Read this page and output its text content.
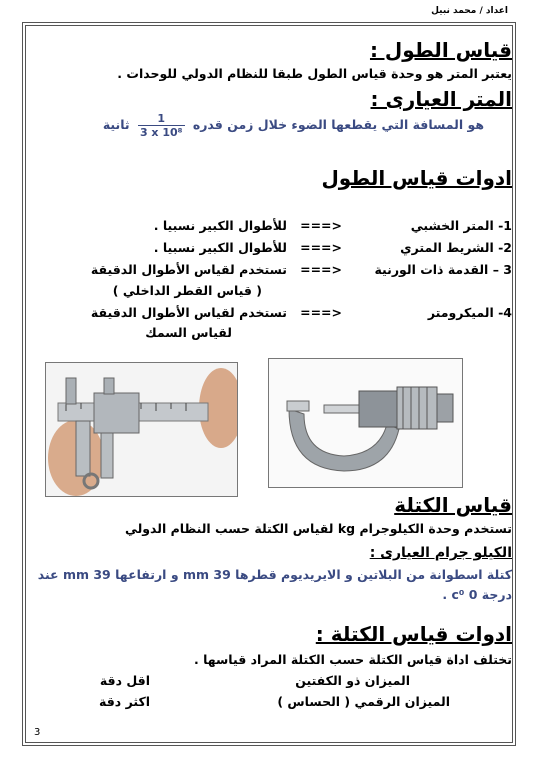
اعداد / محمد نبيل
3
قياس الطول :
يعتبر المتر هو وحدة قياس الطول طبقا للنظام الدولي للوحدات .
المتر العيارى :
هو المسافة التي يقطعها الضوء خلال زمن قدره
$\frac{1}{\text{3 x 10⁸}}$
ثانية
ادوات قياس الطول
1- المتر الخشبي
<===
للأطوال الكبير نسبيا .
2- الشريط المتري
<===
للأطوال الكبير نسبيا .
3 – القدمة ذات الورنية
<===
تستخدم لقياس الأطوال الدقيقة
( قياس القطر الداخلي )
4- الميكرومتر
<===
تستخدم لقياس الأطوال الدقيقة
لقياس السمك
قياس الكتلة
تستخدم وحدة الكيلوجرام kg لقياس الكتلة حسب النظام الدولي
الكيلو جرام العيارى :
كتلة اسطوانة من البلاتين و الايريديوم قطرها 39 mm و ارتفاعها 39 mm عند
درجة 0 c⁰ .
ادوات قياس الكتلة :
تختلف اداة قياس الكتلة حسب الكتلة المراد قياسها .
الميزان ذو الكفتين
اقل دقة
الميزان الرقمي ( الحساس )
اكثر دقة
